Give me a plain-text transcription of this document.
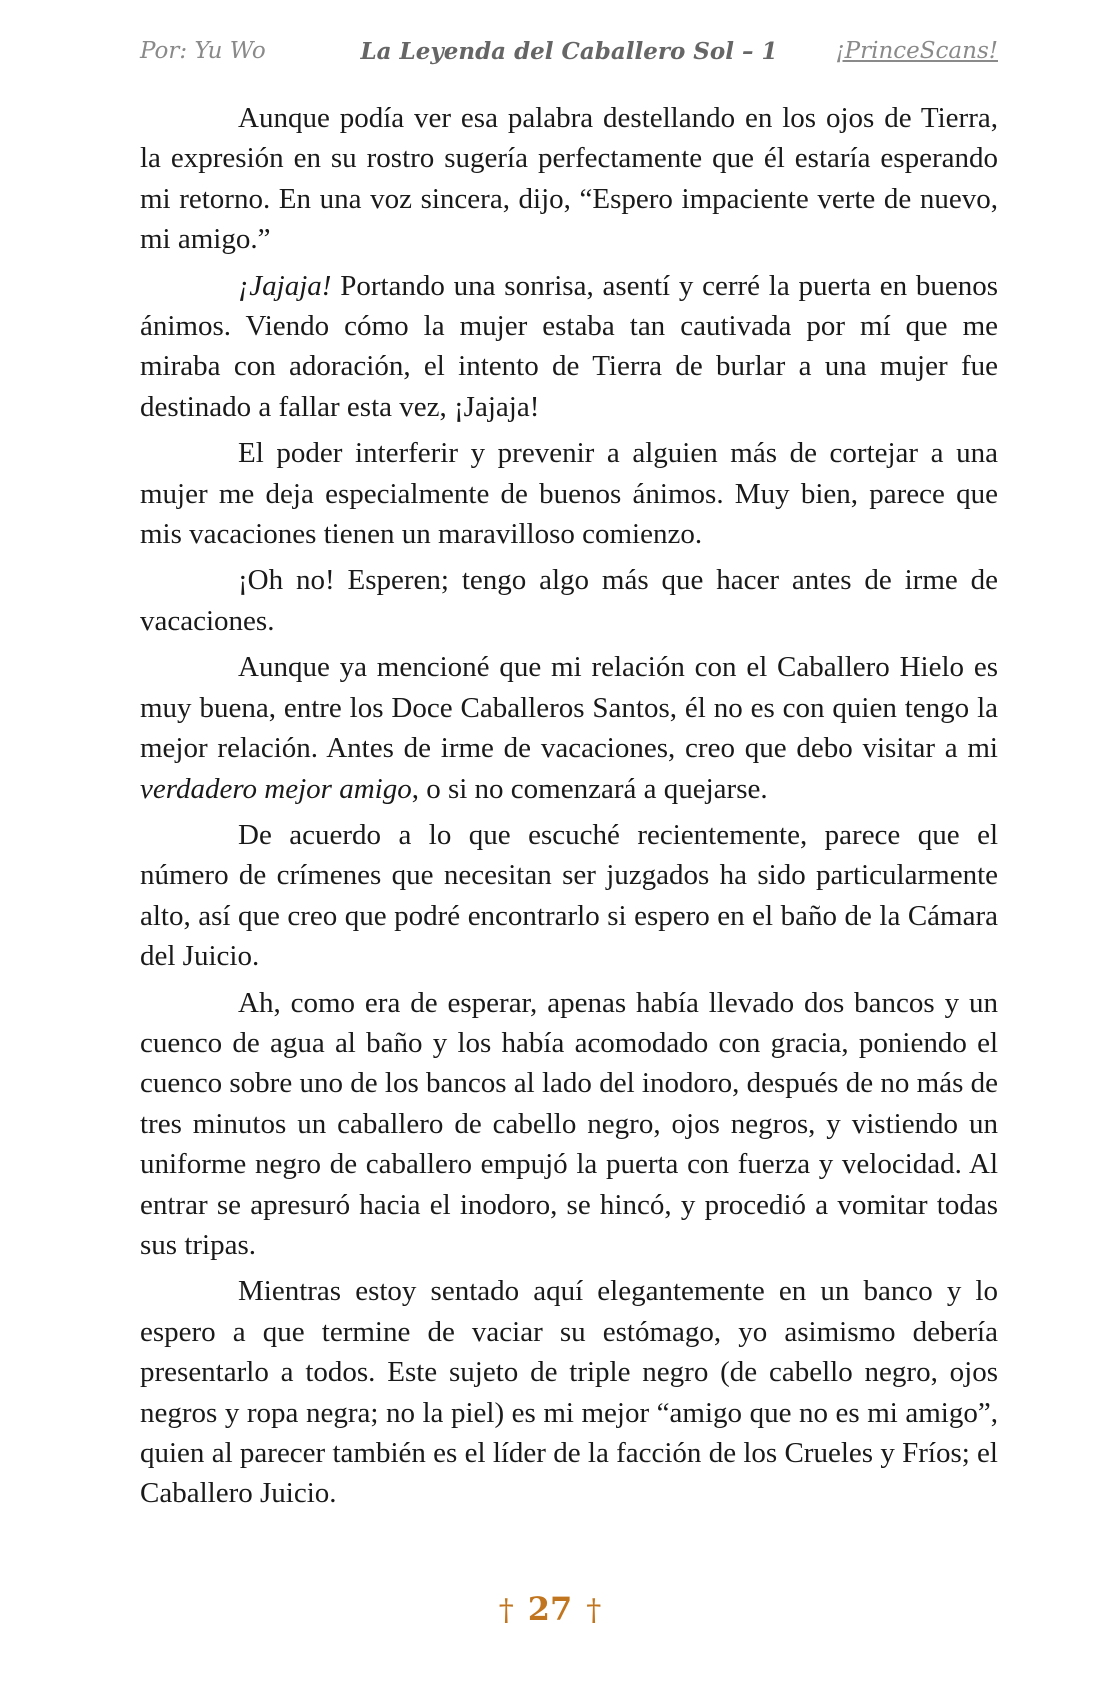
Por: Yu Wo	La Leyenda del Caballero Sol – 1	¡PrinceScans!

Aunque podía ver esa palabra destellando en los ojos de Tierra, la expresión en su rostro sugería perfectamente que él estaría esperando mi retorno. En una voz sincera, dijo, “Espero impaciente verte de nuevo, mi amigo.”

¡Jajaja! Portando una sonrisa, asentí y cerré la puerta en buenos ánimos. Viendo cómo la mujer estaba tan cautivada por mí que me miraba con adoración, el intento de Tierra de burlar a una mujer fue destinado a fallar esta vez, ¡Jajaja!

El poder interferir y prevenir a alguien más de cortejar a una mujer me deja especialmente de buenos ánimos. Muy bien, parece que mis vacaciones tienen un maravilloso comienzo.

¡Oh no! Esperen; tengo algo más que hacer antes de irme de vacaciones.

Aunque ya mencioné que mi relación con el Caballero Hielo es muy buena, entre los Doce Caballeros Santos, él no es con quien tengo la mejor relación. Antes de irme de vacaciones, creo que debo visitar a mi verdadero mejor amigo, o si no comenzará a quejarse.

De acuerdo a lo que escuché recientemente, parece que el número de crímenes que necesitan ser juzgados ha sido particularmente alto, así que creo que podré encontrarlo si espero en el baño de la Cámara del Juicio.

Ah, como era de esperar, apenas había llevado dos bancos y un cuenco de agua al baño y los había acomodado con gracia, poniendo el cuenco sobre uno de los bancos al lado del inodoro, después de no más de tres minutos un caballero de cabello negro, ojos negros, y vistiendo un uniforme negro de caballero empujó la puerta con fuerza y velocidad. Al entrar se apresuró hacia el inodoro, se hincó, y procedió a vomitar todas sus tripas.

Mientras estoy sentado aquí elegantemente en un banco y lo espero a que termine de vaciar su estómago, yo asimismo debería presentarlo a todos. Este sujeto de triple negro (de cabello negro, ojos negros y ropa negra; no la piel) es mi mejor “amigo que no es mi amigo”, quien al parecer también es el líder de la facción de los Crueles y Fríos; el Caballero Juicio.

† 27 †
